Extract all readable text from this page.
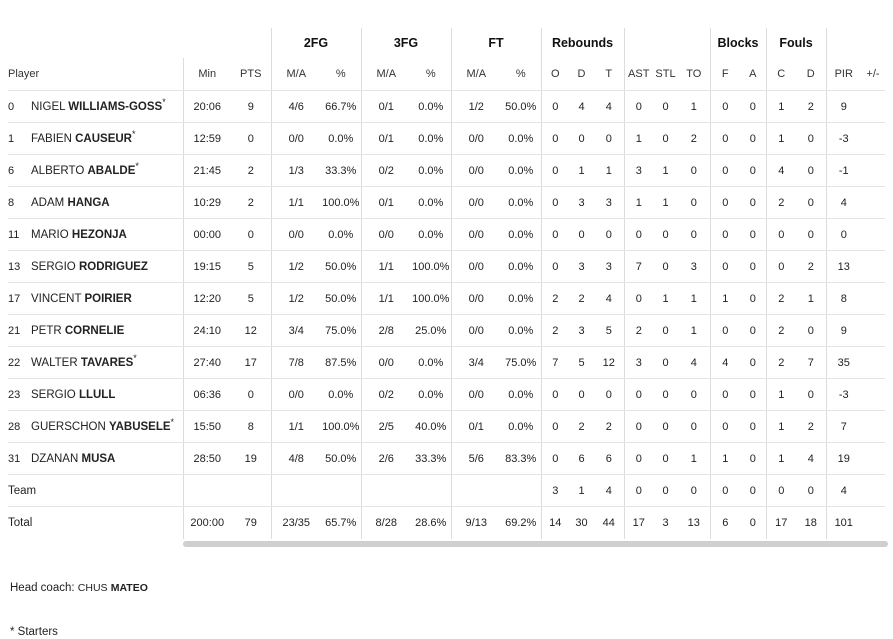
			2FG		3FG		FT		Rebounds						Blocks		Fouls			
Player	Min	PTS	M/A	%	M/A	%	M/A	%	O	D	T	AST	STL	TO	F	A	C	D	PIR	+/-
0 NIGEL WILLIAMS-GOSS*	20:06	9	4/6	66.7%	0/1	0.0%	1/2	50.0%	0	4	4	0	0	1	0	0	1	2	9	
1 FABIEN CAUSEUR*	12:59	0	0/0	0.0%	0/1	0.0%	0/0	0.0%	0	0	0	1	0	2	0	0	1	0	-3	
6 ALBERTO ABALDE*	21:45	2	1/3	33.3%	0/2	0.0%	0/0	0.0%	0	1	1	3	1	0	0	0	4	0	-1	
8 ADAM HANGA	10:29	2	1/1	100.0%	0/1	0.0%	0/0	0.0%	0	3	3	1	1	0	0	0	2	0	4	
11 MARIO HEZONJA	00:00	0	0/0	0.0%	0/0	0.0%	0/0	0.0%	0	0	0	0	0	0	0	0	0	0	0	
13 SERGIO RODRIGUEZ	19:15	5	1/2	50.0%	1/1	100.0%	0/0	0.0%	0	3	3	7	0	3	0	0	0	2	13	
17 VINCENT POIRIER	12:20	5	1/2	50.0%	1/1	100.0%	0/0	0.0%	2	2	4	0	1	1	1	0	2	1	8	
21 PETR CORNELIE	24:10	12	3/4	75.0%	2/8	25.0%	0/0	0.0%	2	3	5	2	0	1	0	0	2	0	9	
22 WALTER TAVARES*	27:40	17	7/8	87.5%	0/0	0.0%	3/4	75.0%	7	5	12	3	0	4	4	0	2	7	35	
23 SERGIO LLULL	06:36	0	0/0	0.0%	0/2	0.0%	0/0	0.0%	0	0	0	0	0	0	0	0	1	0	-3	
28 GUERSCHON YABUSELE*	15:50	8	1/1	100.0%	2/5	40.0%	0/1	0.0%	0	2	2	0	0	0	0	0	1	2	7	
31 DZANAN MUSA	28:50	19	4/8	50.0%	2/6	33.3%	5/6	83.3%	0	6	6	0	0	1	1	0	1	4	19	
Team									3	1	4	0	0	0	0	0	0	0	4	
Total	200:00	79	23/35	65.7%	8/28	28.6%	9/13	69.2%	14	30	44	17	3	13	6	0	17	18	101	
Head coach: CHUS MATEO
* Starters
